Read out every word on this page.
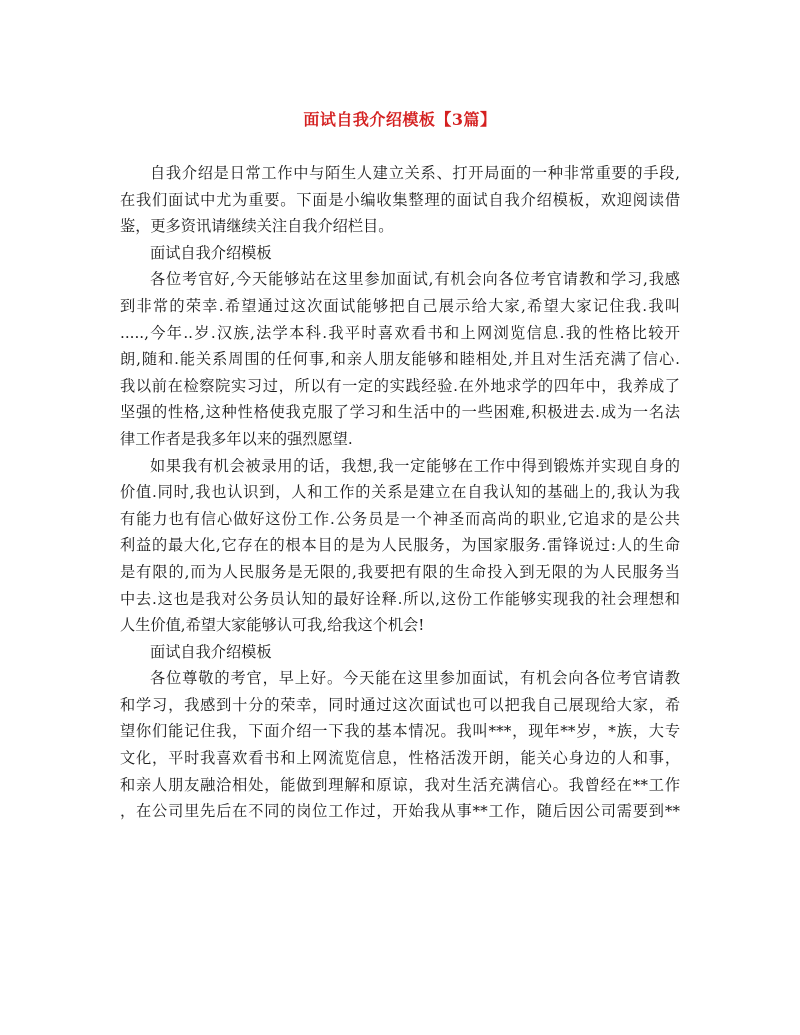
面试自我介绍模板【3篇】
自我介绍是日常工作中与陌生人建立关系、打开局面的一种非常重要的手段,
在我们面试中尤为重要。下面是小编收集整理的面试自我介绍模板，欢迎阅读借
鉴，更多资讯请继续关注自我介绍栏目。
面试自我介绍模板
各位考官好,今天能够站在这里参加面试,有机会向各位考官请教和学习,我感
到非常的荣幸.希望通过这次面试能够把自己展示给大家,希望大家记住我.我叫
.....,今年..岁.汉族,法学本科.我平时喜欢看书和上网浏览信息.我的性格比较开
朗,随和.能关系周围的任何事,和亲人朋友能够和睦相处,并且对生活充满了信心.
我以前在检察院实习过，所以有一定的实践经验.在外地求学的四年中，我养成了
坚强的性格,这种性格使我克服了学习和生活中的一些困难,积极进去.成为一名法
律工作者是我多年以来的强烈愿望.
如果我有机会被录用的话，我想,我一定能够在工作中得到锻炼并实现自身的
价值.同时,我也认识到，人和工作的关系是建立在自我认知的基础上的,我认为我
有能力也有信心做好这份工作.公务员是一个神圣而高尚的职业,它追求的是公共
利益的最大化,它存在的根本目的是为人民服务，为国家服务.雷锋说过:人的生命
是有限的,而为人民服务是无限的,我要把有限的生命投入到无限的为人民服务当
中去.这也是我对公务员认知的最好诠释.所以,这份工作能够实现我的社会理想和
人生价值,希望大家能够认可我,给我这个机会!
面试自我介绍模板
各位尊敬的考官，早上好。今天能在这里参加面试，有机会向各位考官请教
和学习，我感到十分的荣幸，同时通过这次面试也可以把我自己展现给大家，希
望你们能记住我，下面介绍一下我的基本情况。我叫***，现年**岁，*族，大专
文化，平时我喜欢看书和上网流览信息，性格活泼开朗，能关心身边的人和事，
和亲人朋友融洽相处，能做到理解和原谅，我对生活充满信心。我曾经在**工作
，在公司里先后在不同的岗位工作过，开始我从事**工作，随后因公司需要到**
